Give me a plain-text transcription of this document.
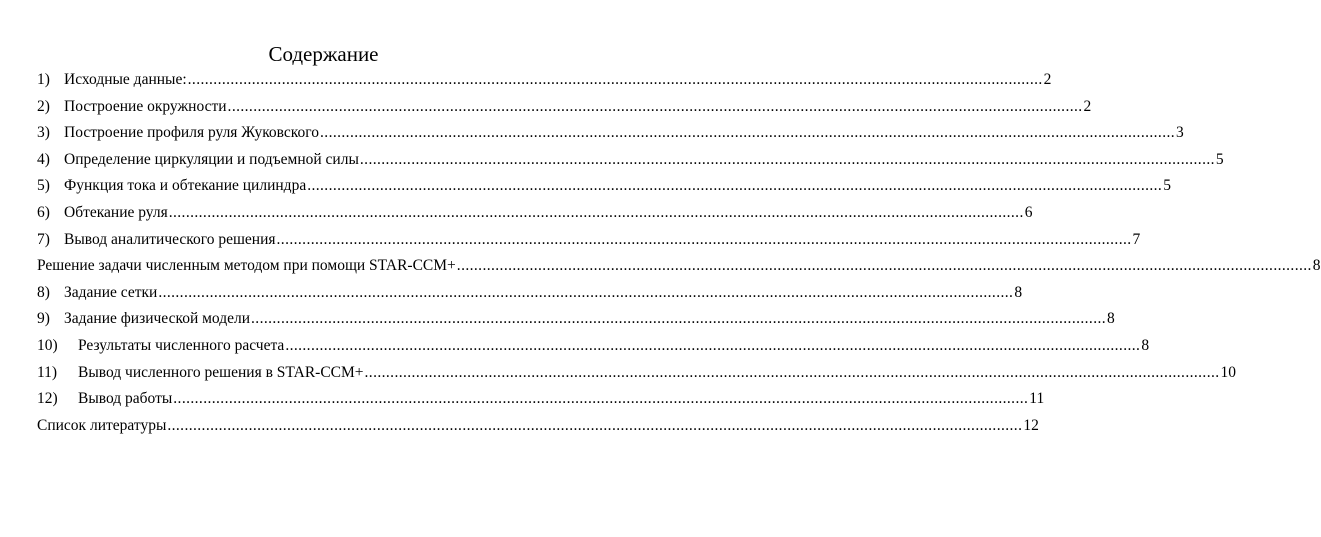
Содержание
1) Исходные данные: ........................................................................................................................................................................................................ 2
2) Построение окружности ........................................................................................................................................................................................................ 2
3) Построение профиля руля Жуковского ........................................................................................................................................................................................................ 3
4) Определение циркуляции и подъемной силы ........................................................................................................................................................................................................ 5
5) Функция тока и обтекание цилиндра ........................................................................................................................................................................................................ 5
6) Обтекание руля ........................................................................................................................................................................................................ 6
7) Вывод аналитического решения ........................................................................................................................................................................................................ 7
Решение задачи численным методом при помощи STAR-CCM+ ........................................................................................................................................................................................................ 8
8) Задание сетки ........................................................................................................................................................................................................ 8
9) Задание физической модели ........................................................................................................................................................................................................ 8
10)	Результаты численного расчета ........................................................................................................................................................................................................ 8
11)	Вывод численного решения в STAR-CCM+ ........................................................................................................................................................................................................ 10
12)	Вывод работы ........................................................................................................................................................................................................ 11
Список литературы ........................................................................................................................................................................................................ 12
